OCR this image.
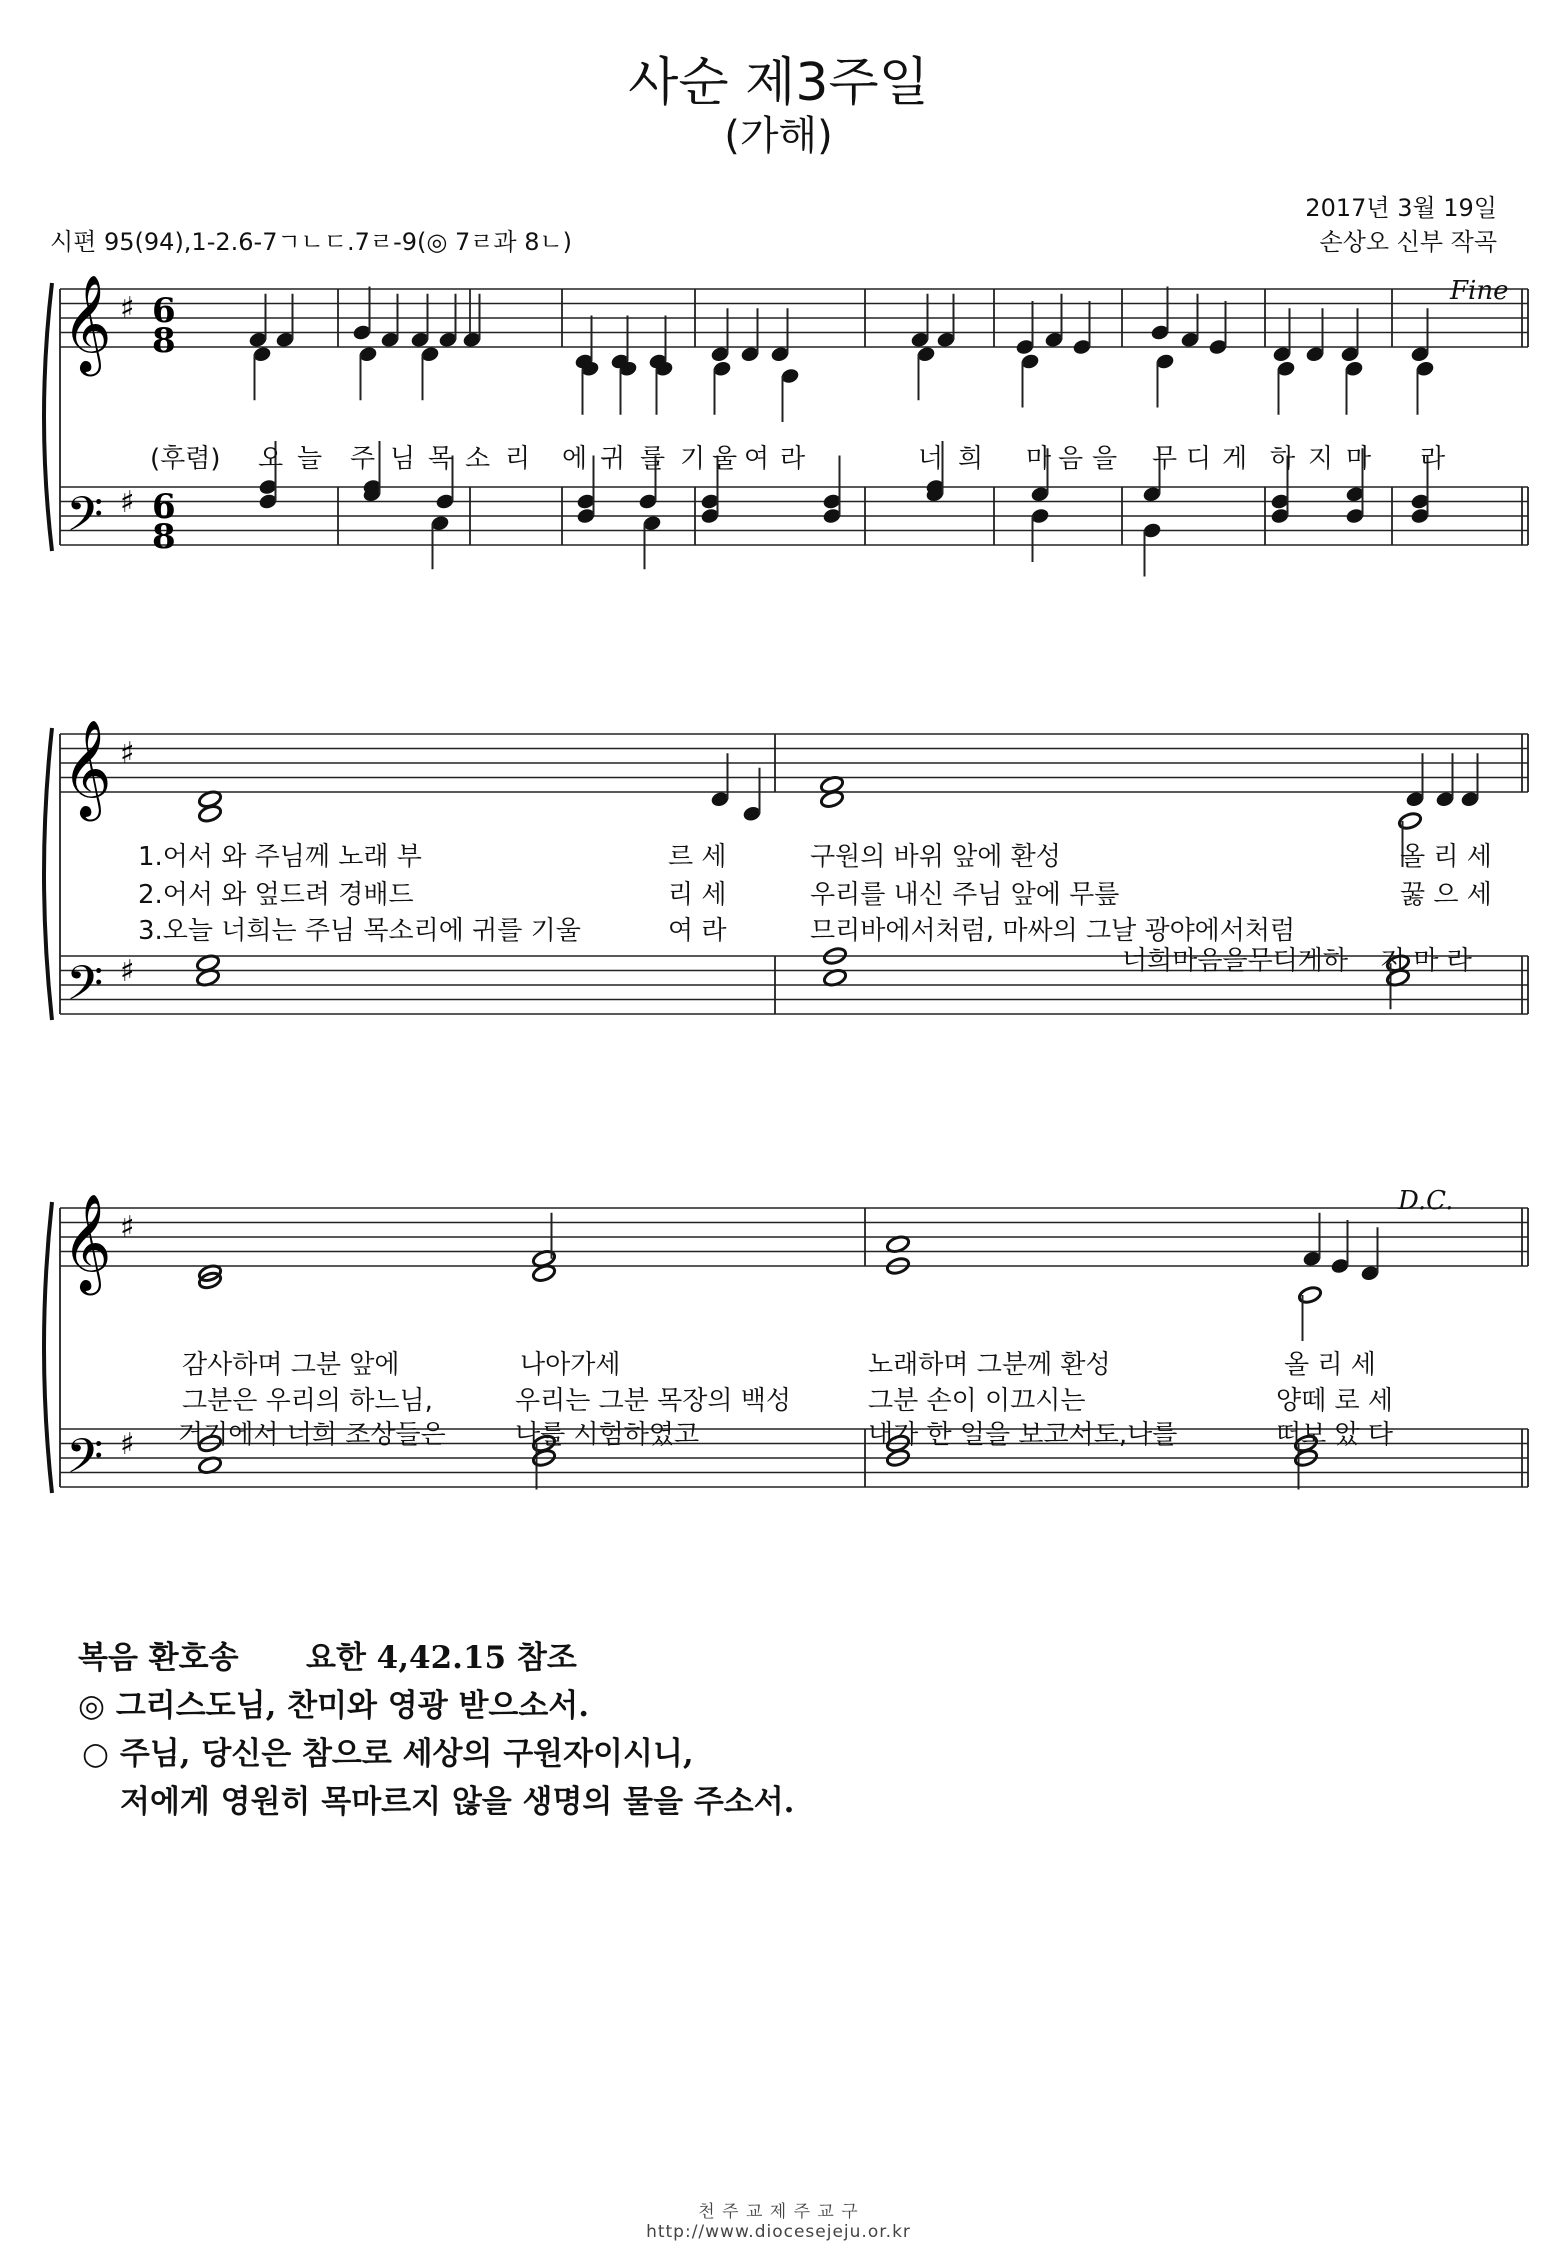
사순 제3주일
(가해)
2017년 3월 19일
시편 95(94),1-2.6-7ㄱㄴㄷ.7ㄹ-9(◎ 7ㄹ과 8ㄴ)	손상오 신부 작곡
6
8
6
8
𝄞
𝄢
♯
♯
𝄞
𝄢
♯
♯
𝄞
𝄢
♯
♯
Fine
D.C.
(후렴) 오 늘 주 님 목 소 리 에 귀 를 기 울 여 라	너 희 마 음 을 무 디 게 하 지 마 라
1.어서 와 주님께 노래 부	르 세	구원의 바위 앞에 환성	올 리 세
2.어서 와 엎드려 경배드	리 세	우리를 내신 주님 앞에 무릎	꿇 으 세
3.오늘 너희는 주님 목소리에 귀를 기울	여 라	므리바에서처럼, 마싸의 그날 광야에서처럼
너희마음을무디게하 지 마 라
감사하며 그분 앞에	나아가세	노래하며 그분께 환성	올 리 세
그분은 우리의 하느님,	우리는 그분 목장의 백성	그분 손이 이끄시는	양떼 로 세
거기에서 너희 조상들은	나를 시험하였고	내가 한 일을 보고서도,나를	떠보 았 다
복음 환호송 요한 4,42.15 참조
◎ 그리스도님, 찬미와 영광 받으소서.
○ 주님, 당신은 참으로 세상의 구원자이시니,
저에게 영원히 목마르지 않을 생명의 물을 주소서.
천 주 교 제 주 교 구
http://www.diocesejeju.or.kr
